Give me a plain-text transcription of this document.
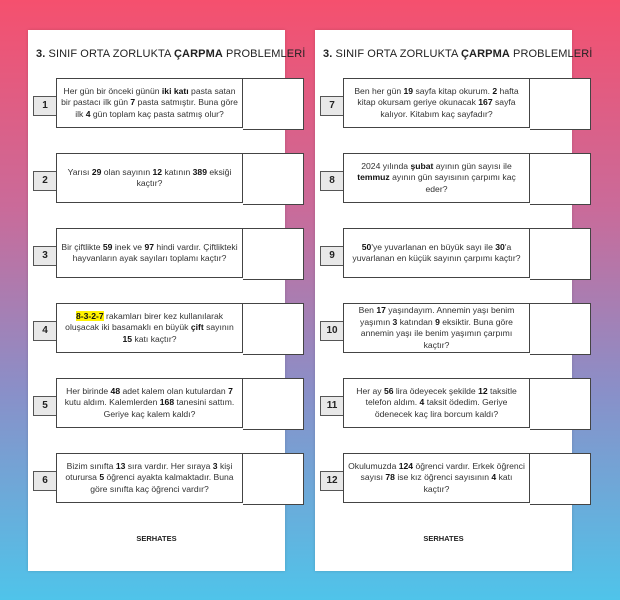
3. SINIF ORTA ZORLUKTA ÇARPMA PROBLEMLERİ
1
Her gün bir önceki günün iki katı pasta satan bir pastacı ilk gün 7 pasta satmıştır. Buna göre ilk 4 gün toplam kaç pasta satmış olur?
2
Yarısı 29 olan sayının 12 katının 389 eksiği kaçtır?
3
Bir çiftlikte 59 inek ve 97 hindi vardır. Çiftlikteki hayvanların ayak sayıları toplamı kaçtır?
4
8-3-2-7 rakamları birer kez kullanılarak oluşacak iki basamaklı en büyük çift sayının 15 katı kaçtır?
5
Her birinde 48 adet kalem olan kutulardan 7 kutu aldım. Kalemlerden 168 tanesini sattım. Geriye kaç kalem kaldı?
6
Bizim sınıfta 13 sıra vardır. Her sıraya 3 kişi oturursa 5 öğrenci ayakta kalmaktadır. Buna göre sınıfta kaç öğrenci vardır?
SERHATES
3. SINIF ORTA ZORLUKTA ÇARPMA PROBLEMLERİ
7
Ben her gün 19 sayfa kitap okurum. 2 hafta kitap okursam geriye okunacak 167 sayfa kalıyor. Kitabım kaç sayfadır?
8
2024 yılında şubat ayının gün sayısı ile temmuz ayının gün sayısının çarpımı kaç eder?
9
50'ye yuvarlanan en büyük sayı ile 30'a yuvarlanan en küçük sayının çarpımı kaçtır?
10
Ben 17 yaşındayım. Annemin yaşı benim yaşımın 3 katından 9 eksiktir. Buna göre annemin yaşı ile benim yaşımın çarpımı kaçtır?
11
Her ay 56 lira ödeyecek şekilde 12 taksitle telefon aldım. 4 taksit ödedim. Geriye ödenecek kaç lira borcum kaldı?
12
Okulumuzda 124 öğrenci vardır. Erkek öğrenci sayısı 78 ise kız öğrenci sayısının 4 katı kaçtır?
SERHATES
